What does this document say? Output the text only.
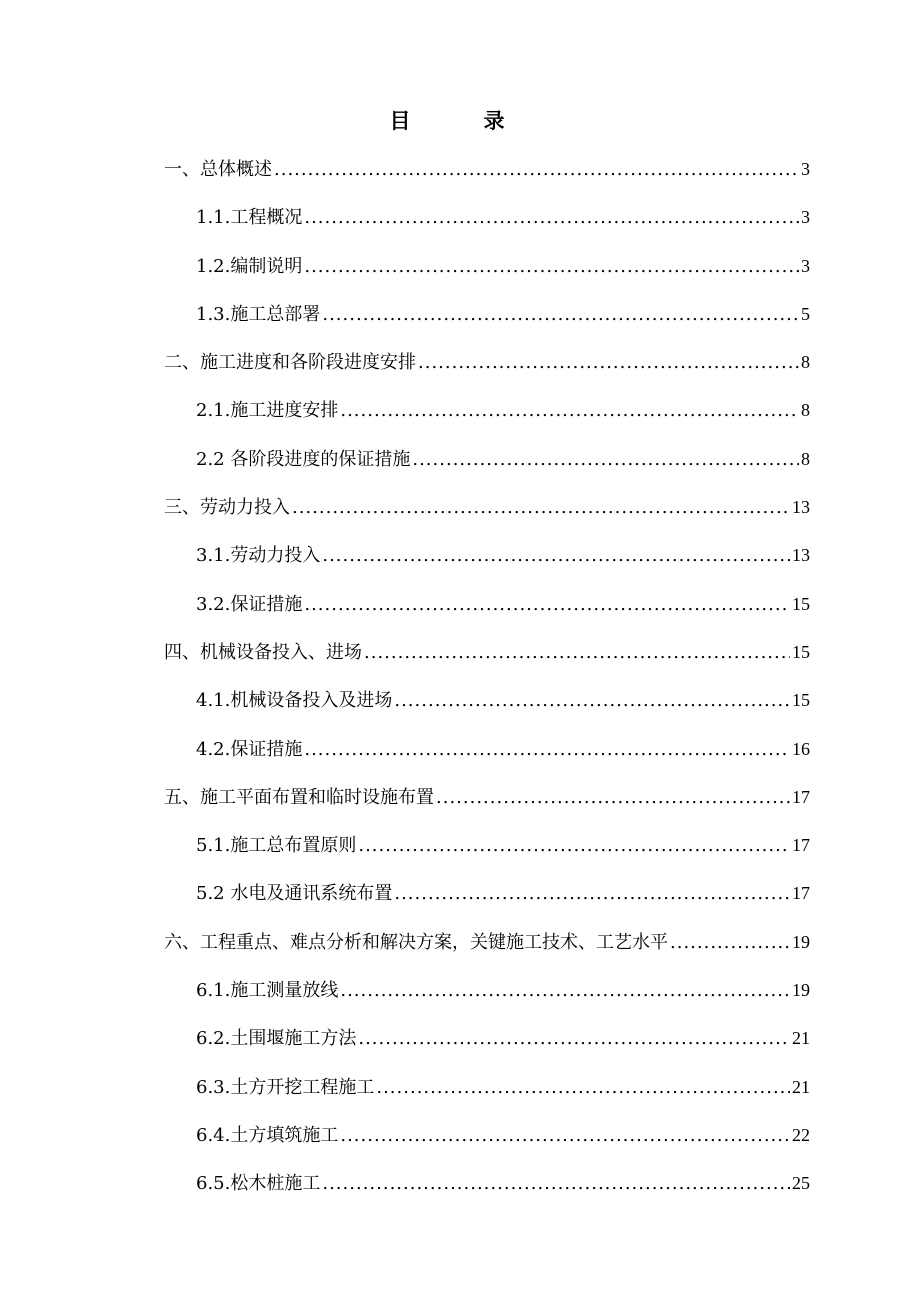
目　录
一、总体概述 .....	3
1.1.工程概况 .....	3
1.2.编制说明 .....	3
1.3.施工总部署 .....	5
二、施工进度和各阶段进度安排 .....	8
2.1.施工进度安排 .....	8
2.2 各阶段进度的保证措施 .....	8
三、劳动力投入 .....	13
3.1.劳动力投入 .....	13
3.2.保证措施 .....	15
四、机械设备投入、进场 .....	15
4.1.机械设备投入及进场 .....	15
4.2.保证措施 .....	16
五、施工平面布置和临时设施布置 .....	17
5.1.施工总布置原则 .....	17
5.2 水电及通讯系统布置 .....	17
六、工程重点、难点分析和解决方案，关键施工技术、工艺水平 .....	19
6.1.施工测量放线 .....	19
6.2.土围堰施工方法 .....	21
6.3.土方开挖工程施工 .....	21
6.4.土方填筑施工 .....	22
6.5.松木桩施工 .....	25
